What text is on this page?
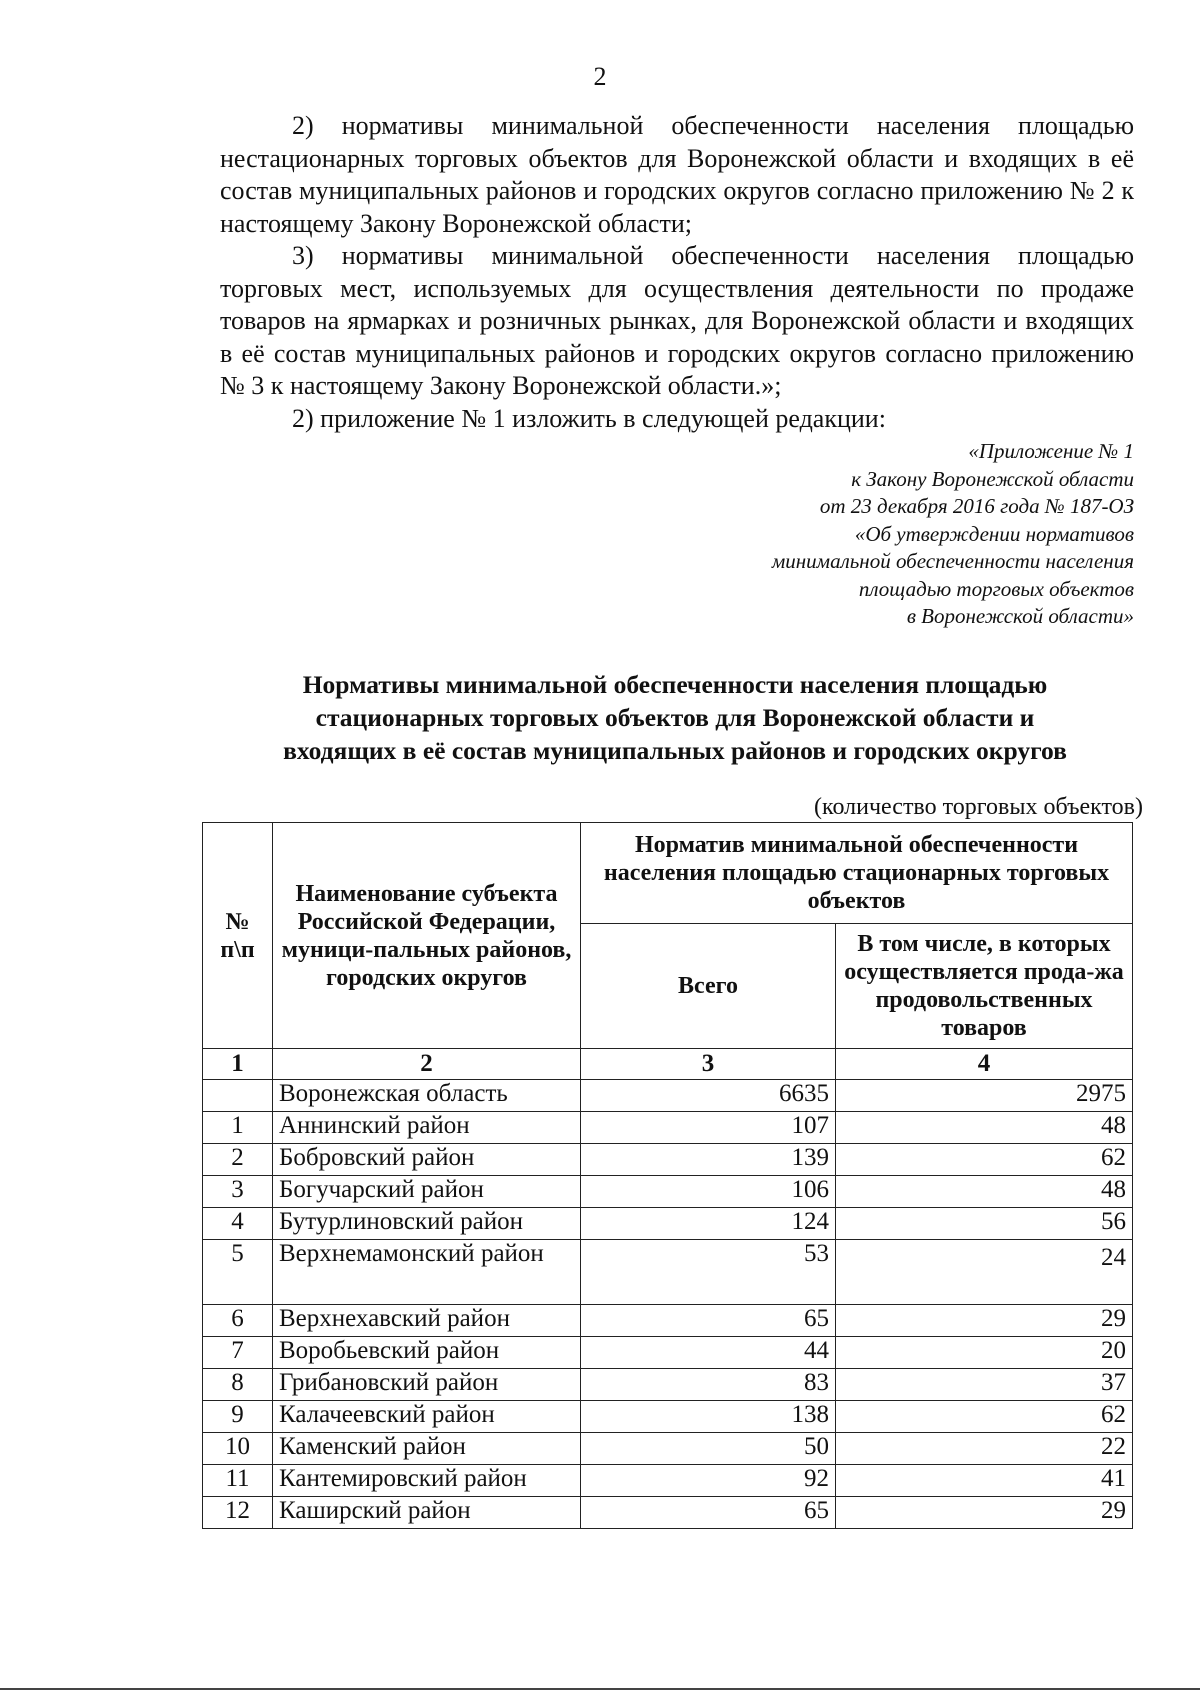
2

2) нормативы минимальной обеспеченности населения площадью нестационарных торговых объектов для Воронежской области и входящих в её состав муниципальных районов и городских округов согласно приложению № 2 к настоящему Закону Воронежской области;

3) нормативы минимальной обеспеченности населения площадью торговых мест, используемых для осуществления деятельности по продаже товаров на ярмарках и розничных рынках, для Воронежской области и входящих в её состав муниципальных районов и городских округов согласно приложению № 3 к настоящему Закону Воронежской области.»;

2) приложение № 1 изложить в следующей редакции:

«Приложение № 1
к Закону Воронежской области
от 23 декабря 2016 года № 187-ОЗ
«Об утверждении нормативов
минимальной обеспеченности населения
площадью торговых объектов
в Воронежской области»
Нормативы минимальной обеспеченности населения площадью
стационарных торговых объектов для Воронежской области и
входящих в её состав муниципальных районов и городских округов
(количество торговых объектов)
№ п\п	Наименование субъекта Российской Федерации, муници-пальных районов, городских округов	Норматив минимальной обеспеченности населения площадью стационарных торговых объектов	
		Всего	В том числе, в которых осуществляется прода-жа продовольственных товаров
1	2	3	4
	Воронежская область	6635	2975
1	Аннинский район	107	48
2	Бобровский район	139	62
3	Богучарский район	106	48
4	Бутурлиновский район	124	56
5	Верхнемамонский район	53	24
6	Верхнехавский район	65	29
7	Воробьевский район	44	20
8	Грибановский район	83	37
9	Калачеевский район	138	62
10	Каменский район	50	22
11	Кантемировский район	92	41
12	Каширский район	65	29
